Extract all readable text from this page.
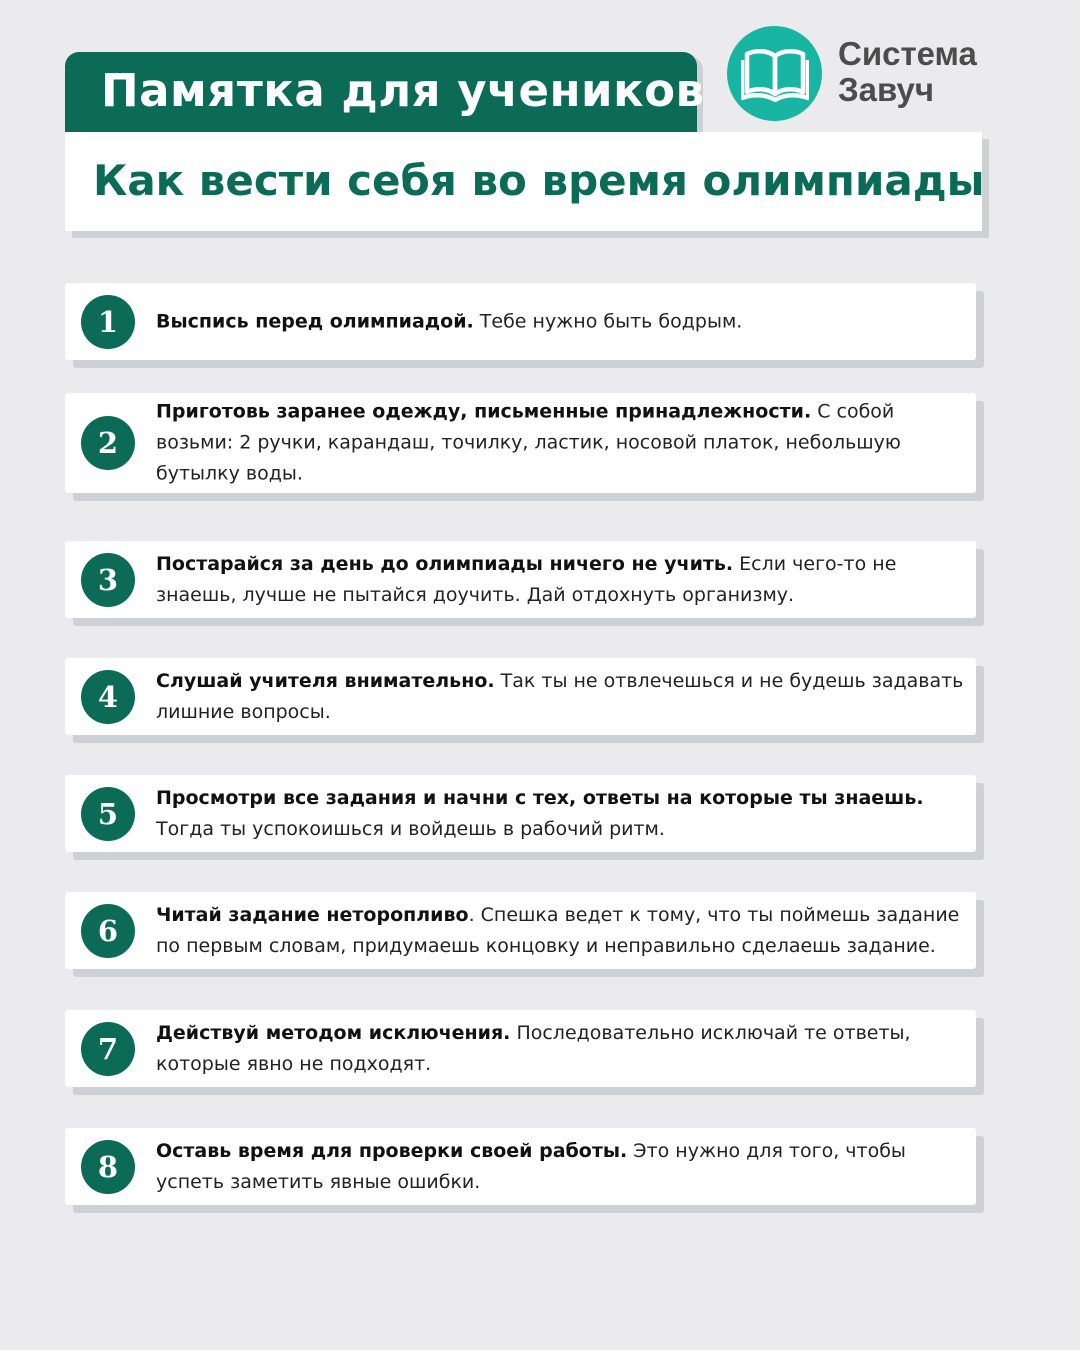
Памятка для учеников
Система
Завуч
Как вести себя во время олимпиады
1	Выспись перед олимпиадой. Тебе нужно быть бодрым.
2
Приготовь заранее одежду, письменные принадлежности. С собой возьми: 2 ручки, карандаш, точилку, ластик, носовой платок, небольшую бутылку воды.
3	Постарайся за день до олимпиады ничего не учить. Если чего-то не знаешь, лучше не пытайся доучить. Дай отдохнуть организму.
4	Слушай учителя внимательно. Так ты не отвлечешься и не будешь задавать лишние вопросы.
5	Просмотри все задания и начни с тех, ответы на которые ты знаешь. Тогда ты успокоишься и войдешь в рабочий ритм.
6	Читай задание неторопливо. Спешка ведет к тому, что ты поймешь задание по первым словам, придумаешь концовку и неправильно сделаешь задание.
7	Действуй методом исключения. Последовательно исключай те ответы, которые явно не подходят.
8	Оставь время для проверки своей работы. Это нужно для того, чтобы успеть заметить явные ошибки.
